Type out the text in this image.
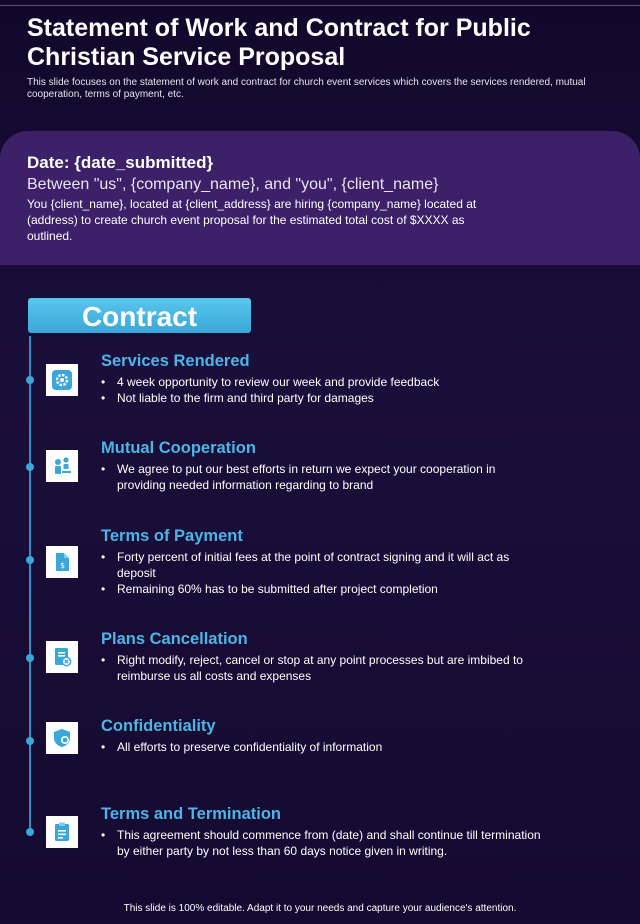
Statement of Work and Contract for Public Christian Service Proposal
This slide focuses on the statement of work and contract for church event services which covers the services rendered, mutual cooperation, terms of payment, etc.
Date: {date_submitted}
Between "us", {company_name}, and "you", {client_name}
You {client_name}, located at {client_address} are hiring {company_name} located at (address) to create church event proposal for the estimated total cost of $XXXX as outlined.
Contract
Services Rendered
• 4 week opportunity to review our week and provide feedback
• Not liable to the firm and third party for damages
Mutual Cooperation
• We agree to put our best efforts in return we expect your cooperation in providing needed information regarding to brand
$
Terms of Payment
• Forty percent of initial fees at the point of contract signing and it will act as deposit
• Remaining 60% has to be submitted after project completion
Plans Cancellation
• Right modify, reject, cancel or stop at any point processes but are imbibed to reimburse us all costs and expenses
Confidentiality
• All efforts to preserve confidentiality of information
Terms and Termination
• This agreement should commence from (date) and shall continue till termination by either party by not less than 60 days notice given in writing.
This slide is 100% editable. Adapt it to your needs and capture your audience's attention.
